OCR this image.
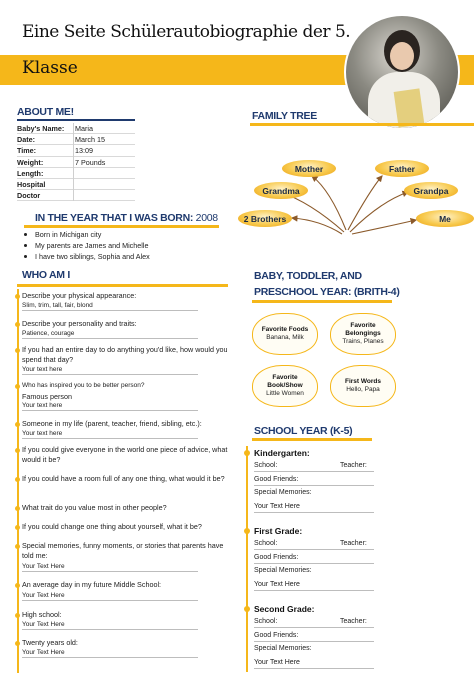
Eine Seite Schülerautobiographie der 5.
Klasse
ABOUT ME!
Baby's Name:	Maria
Date:	March 15
Time:	13:09
Weight:	7 Pounds
Length:
Hospital
Doctor
IN THE YEAR THAT I WAS BORN: 2008
Born in Michigan city
My parents are James and Michelle
I have two siblings, Sophia and Alex
WHO AM I
Describe your physical appearance:
Slim, trim, tall, fair, blond
Describe your personality and traits:
Patience, courage
If you had an entire day to do anything you'd like, how would you spend that day?
Your text here
Who has inspired you to be better person?
Famous person
Your text here
Someone in my life (parent, teacher, friend, sibling, etc.):
Your text here
If you could give everyone in the world one piece of advice, what would it be?
If you could have a room full of any one thing, what would it be?
What trait do you value most in other people?
If you could change one thing about yourself, what it be?
Special memories, funny moments, or stories that parents have told me:
Your Text Here
An average day in my future Middle School:
Your Text Here
High school:
Your Text Here
Twenty years old:
Your Text Here
FAMILY TREE
Mother	Father
Grandma	Grandpa
2 Brothers	Me
BABY, TODDLER, AND
PRESCHOOL YEAR: (BRITH-4)
Favorite Foods
Banana, Milk
Favorite Belongings
Trains, Planes
Favorite Book/Show
Little Women
First Words
Hello, Papa
SCHOOL YEAR (K-5)
Kindergarten:
School:	Teacher:
Good Friends:
Special Memories:
Your Text Here
First Grade:
School:	Teacher:
Good Friends:
Special Memories:
Your Text Here
Second Grade:
School:	Teacher:
Good Friends:
Special Memories:
Your Text Here
